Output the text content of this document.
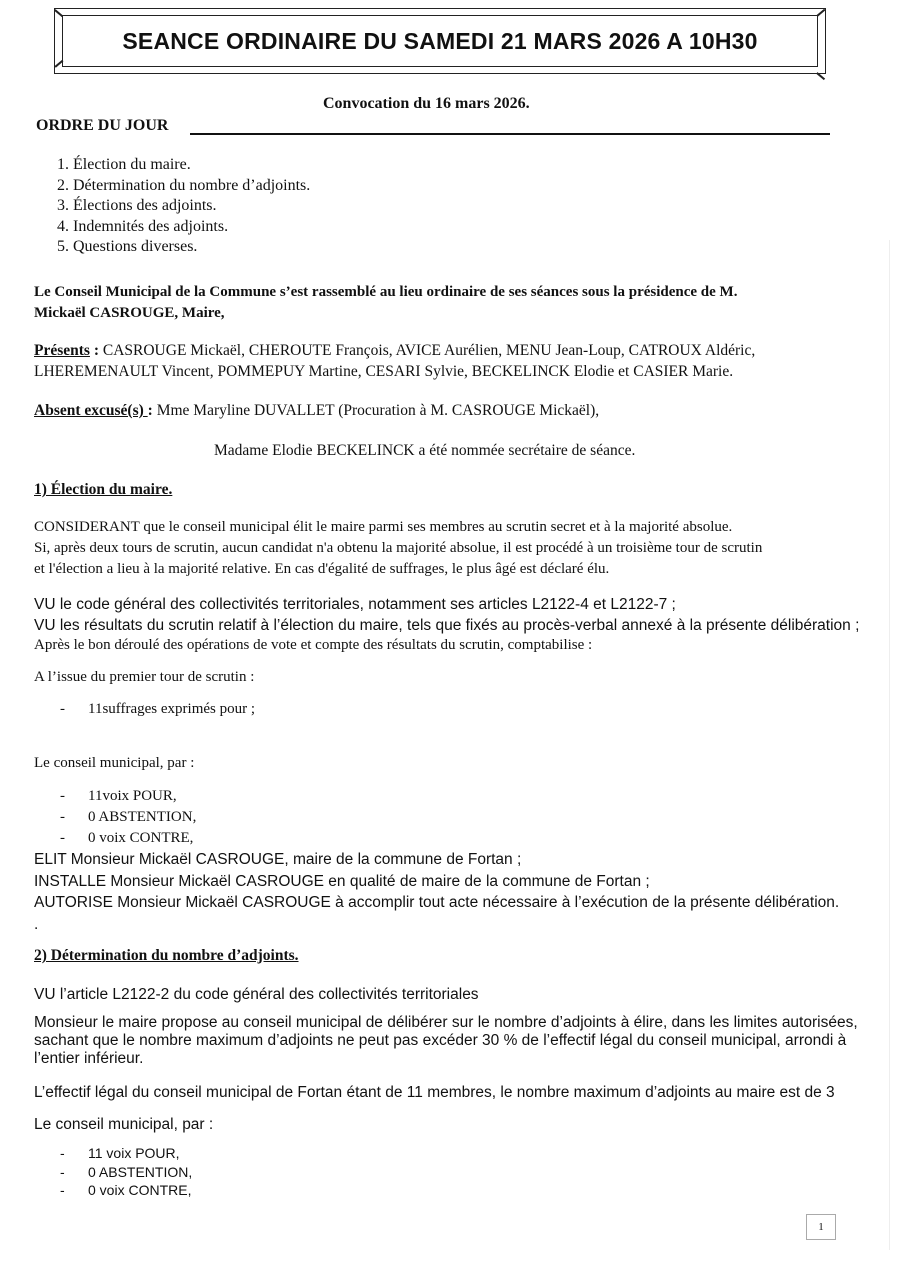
SEANCE ORDINAIRE DU SAMEDI 21 MARS 2026 A 10H30
Convocation du 16 mars 2026.
ORDRE DU JOUR
1. Élection du maire.
2. Détermination du nombre d’adjoints.
3. Élections des adjoints.
4. Indemnités des adjoints.
5. Questions diverses.
Le Conseil Municipal de la Commune s’est rassemblé au lieu ordinaire de ses séances sous la présidence de M.
Mickaël CASROUGE, Maire,
Présents : CASROUGE Mickaël, CHEROUTE François, AVICE Aurélien, MENU Jean-Loup, CATROUX Aldéric,
LHEREMENAULT Vincent, POMMEPUY Martine, CESARI Sylvie, BECKELINCK Elodie et CASIER Marie.
Absent excusé(s) : Mme Maryline DUVALLET (Procuration à M. CASROUGE Mickaël),
Madame Elodie BECKELINCK a été nommée secrétaire de séance.
1) Élection du maire.
CONSIDERANT que le conseil municipal élit le maire parmi ses membres au scrutin secret et à la majorité absolue.
Si, après deux tours de scrutin, aucun candidat n'a obtenu la majorité absolue, il est procédé à un troisième tour de scrutin
et l'élection a lieu à la majorité relative. En cas d'égalité de suffrages, le plus âgé est déclaré élu.
VU le code général des collectivités territoriales, notamment ses articles L2122-4 et L2122-7 ;
VU les résultats du scrutin relatif à l’élection du maire, tels que fixés au procès-verbal annexé à la présente délibération ;
Après le bon déroulé des opérations de vote et compte des résultats du scrutin, comptabilise :
A l’issue du premier tour de scrutin :
-	11suffrages exprimés pour ;
Le conseil municipal, par :
-	11voix POUR,
-	0 ABSTENTION,
-	0 voix CONTRE,
ELIT Monsieur Mickaël CASROUGE, maire de la commune de Fortan ;
INSTALLE Monsieur Mickaël CASROUGE en qualité de maire de la commune de Fortan ;
AUTORISE Monsieur Mickaël CASROUGE à accomplir tout acte nécessaire à l’exécution de la présente délibération.
.
2) Détermination du nombre d’adjoints.
VU l’article L2122-2 du code général des collectivités territoriales
Monsieur le maire propose au conseil municipal de délibérer sur le nombre d’adjoints à élire, dans les limites autorisées,
sachant que le nombre maximum d’adjoints ne peut pas excéder 30 % de l’effectif légal du conseil municipal, arrondi à
l’entier inférieur.
L’effectif légal du conseil municipal de Fortan étant de 11 membres, le nombre maximum d’adjoints au maire est de 3
Le conseil municipal, par :
-	11 voix POUR,
-	0 ABSTENTION,
-	0 voix CONTRE,
1
